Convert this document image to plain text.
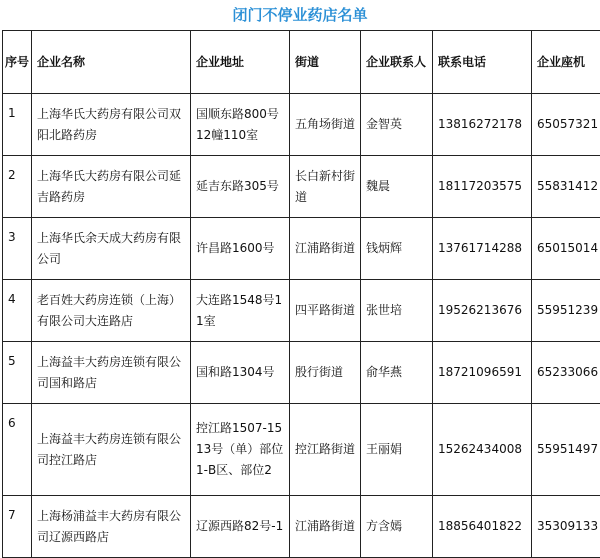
闭门不停业药店名单
序号	企业名称	企业地址	街道	企业联系人	联系电话	企业座机
1	上海华氏大药房有限公司双阳北路药房	国顺东路800号12幢110室	五角场街道	金智英	13816272178	65057321
2	上海华氏大药房有限公司延吉路药房	延吉东路305号	长白新村街道	魏晨	18117203575	55831412
3	上海华氏余天成大药房有限公司	许昌路1600号	江浦路街道	钱炳辉	13761714288	65015014
4	老百姓大药房连锁（上海）有限公司大连路店	大连路1548号11室	四平路街道	张世培	19526213676	55951239
5	上海益丰大药房连锁有限公司国和路店	国和路1304号	殷行街道	俞华燕	18721096591	65233066
6	上海益丰大药房连锁有限公司控江路店	控江路1507-1513号（单）部位1-B区、部位2	控江路街道	王丽娟	15262434008	55951497
7	上海杨浦益丰大药房有限公司辽源西路店	辽源西路82号-1	江浦路街道	方含嫣	18856401822	35309133
